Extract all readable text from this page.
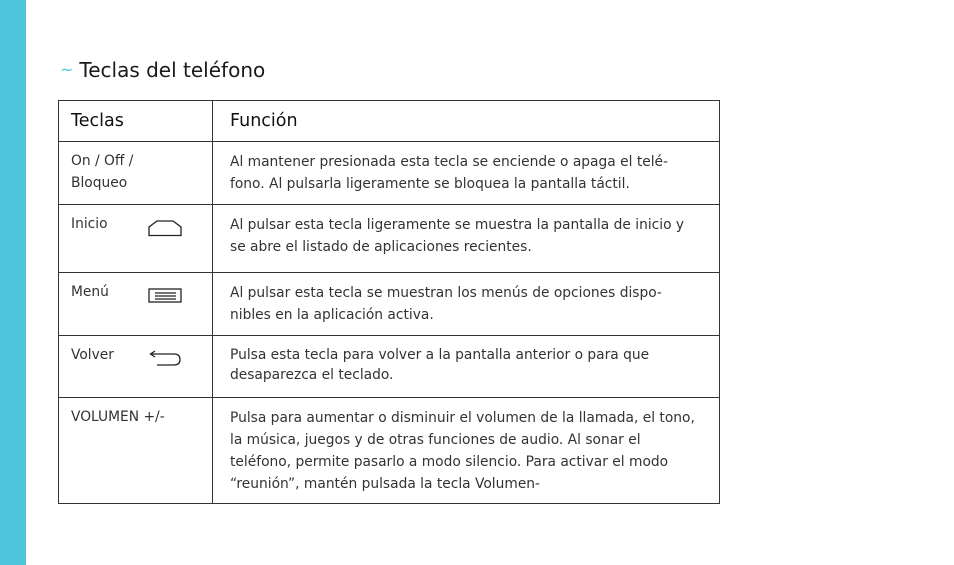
~ Teclas del teléfono
Teclas	Función

On / Off / Bloqueo	Al mantener presionada esta tecla se enciende o apaga el telé-fono. Al pulsarla ligeramente se bloquea la pantalla táctil.

Inicio	Al pulsar esta tecla ligeramente se muestra la pantalla de inicio y se abre el listado de aplicaciones recientes.

Menú	Al pulsar esta tecla se muestran los menús de opciones dispo-nibles en la aplicación activa.

Volver	Pulsa esta tecla para volver a la pantalla anterior o para que desaparezca el teclado.

VOLUMEN +/-	Pulsa para aumentar o disminuir el volumen de la llamada, el tono, la música, juegos y de otras funciones de audio. Al sonar el teléfono, permite pasarlo a modo silencio. Para activar el modo “reunión”, mantén pulsada la tecla Volumen-
